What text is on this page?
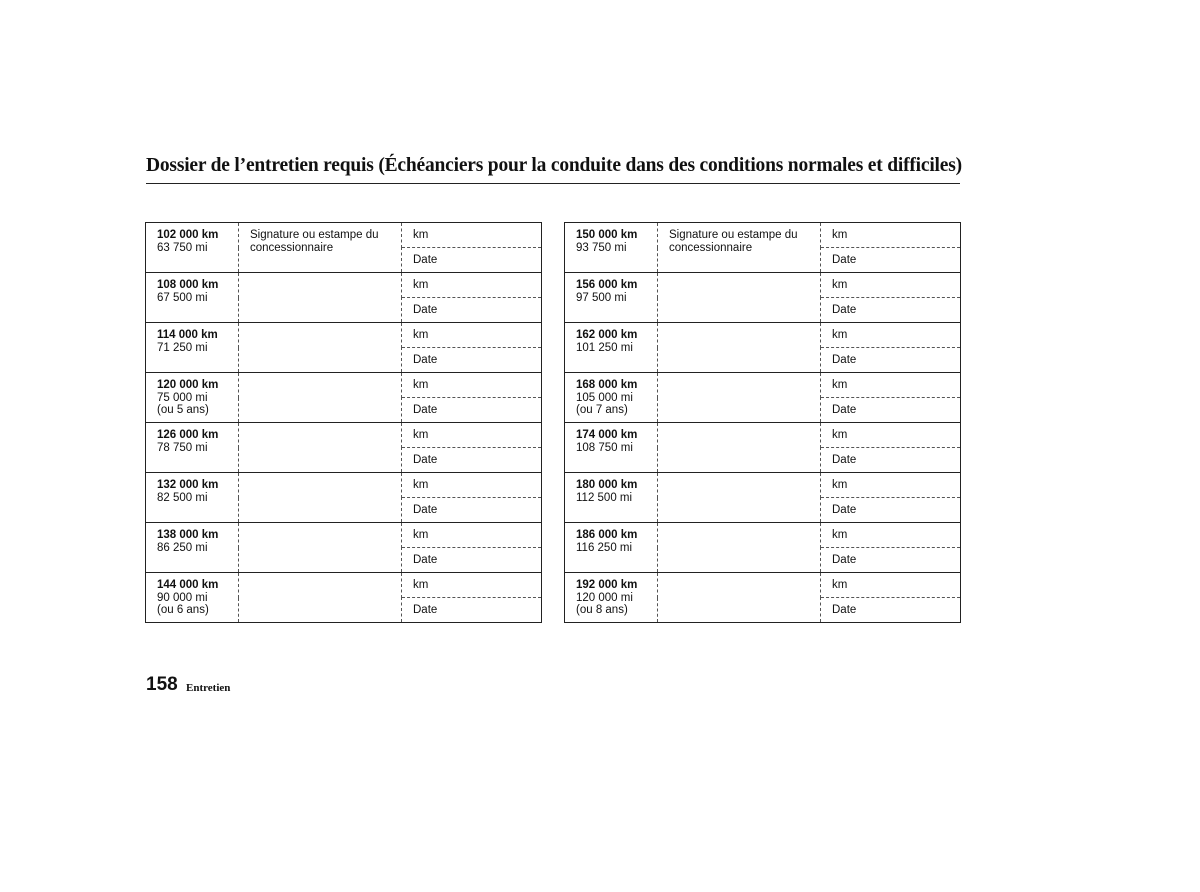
Dossier de l’entretien requis (Échéanciers pour la conduite dans des conditions normales et difficiles)
102 000 km
63 750 mi	Signature ou estampe du concessionnaire	km
		Date

108 000 km
67 500 mi		km
		Date

114 000 km
71 250 mi		km
		Date

120 000 km
75 000 mi
(ou 5 ans)		km
		Date

126 000 km
78 750 mi		km
		Date

132 000 km
82 500 mi		km
		Date

138 000 km
86 250 mi		km
		Date

144 000 km
90 000 mi
(ou 6 ans)		km
		Date
150 000 km
93 750 mi	Signature ou estampe du concessionnaire	km
		Date

156 000 km
97 500 mi		km
		Date

162 000 km
101 250 mi		km
		Date

168 000 km
105 000 mi
(ou 7 ans)		km
		Date

174 000 km
108 750 mi		km
		Date

180 000 km
112 500 mi		km
		Date

186 000 km
116 250 mi		km
		Date

192 000 km
120 000 mi
(ou 8 ans)		km
		Date
158 Entretien
